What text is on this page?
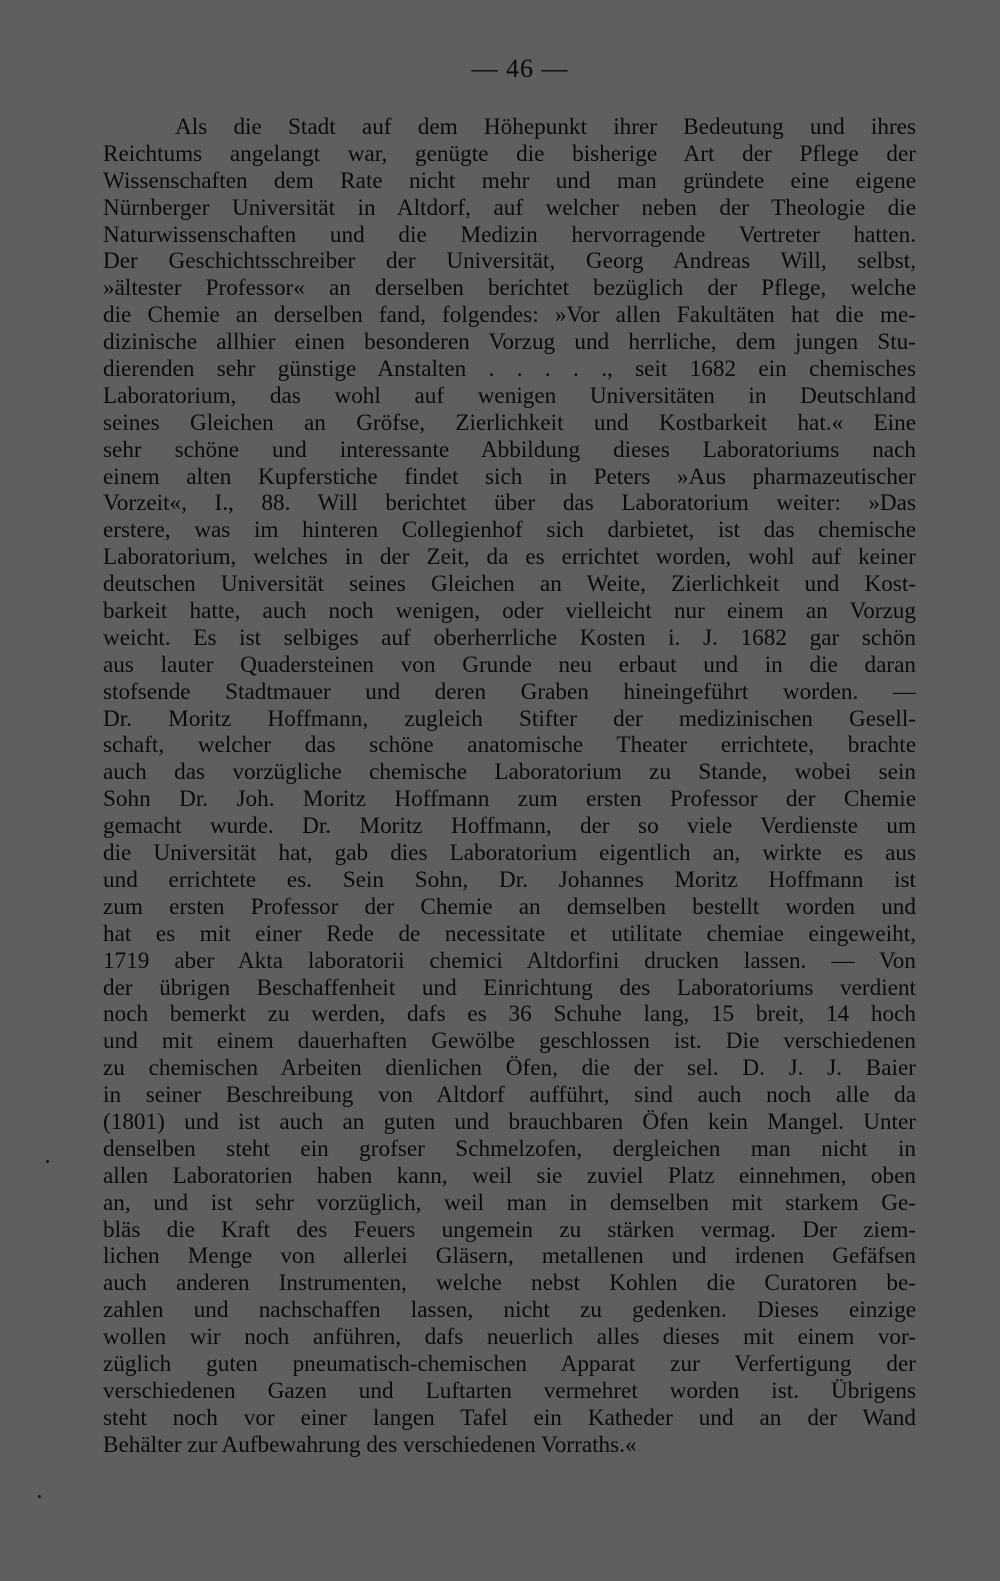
— 46 —
Als die Stadt auf dem Höhepunkt ihrer Bedeutung und ihres
Reichtums angelangt war, genügte die bisherige Art der Pflege der
Wissenschaften dem Rate nicht mehr und man gründete eine eigene
Nürnberger Universität in Altdorf, auf welcher neben der Theologie die
Naturwissenschaften und die Medizin hervorragende Vertreter hatten.
Der Geschichtsschreiber der Universität, Georg Andreas Will, selbst,
»ältester Professor« an derselben berichtet bezüglich der Pflege, welche
die Chemie an derselben fand, folgendes: »Vor allen Fakultäten hat die me-
dizinische allhier einen besonderen Vorzug und herrliche, dem jungen Stu-
dierenden sehr günstige Anstalten . . . . ., seit 1682 ein chemisches
Laboratorium, das wohl auf wenigen Universitäten in Deutschland
seines Gleichen an Gröfse, Zierlichkeit und Kostbarkeit hat.« Eine
sehr schöne und interessante Abbildung dieses Laboratoriums nach
einem alten Kupferstiche findet sich in Peters »Aus pharmazeutischer
Vorzeit«, I., 88. Will berichtet über das Laboratorium weiter: »Das
erstere, was im hinteren Collegienhof sich darbietet, ist das chemische
Laboratorium, welches in der Zeit, da es errichtet worden, wohl auf keiner
deutschen Universität seines Gleichen an Weite, Zierlichkeit und Kost-
barkeit hatte, auch noch wenigen, oder vielleicht nur einem an Vorzug
weicht. Es ist selbiges auf oberherrliche Kosten i. J. 1682 gar schön
aus lauter Quadersteinen von Grunde neu erbaut und in die daran
stofsende Stadtmauer und deren Graben hineingeführt worden. —
Dr. Moritz Hoffmann, zugleich Stifter der medizinischen Gesell-
schaft, welcher das schöne anatomische Theater errichtete, brachte
auch das vorzügliche chemische Laboratorium zu Stande, wobei sein
Sohn Dr. Joh. Moritz Hoffmann zum ersten Professor der Chemie
gemacht wurde. Dr. Moritz Hoffmann, der so viele Verdienste um
die Universität hat, gab dies Laboratorium eigentlich an, wirkte es aus
und errichtete es. Sein Sohn, Dr. Johannes Moritz Hoffmann ist
zum ersten Professor der Chemie an demselben bestellt worden und
hat es mit einer Rede de necessitate et utilitate chemiae eingeweiht,
1719 aber Akta laboratorii chemici Altdorfini drucken lassen. — Von
der übrigen Beschaffenheit und Einrichtung des Laboratoriums verdient
noch bemerkt zu werden, dafs es 36 Schuhe lang, 15 breit, 14 hoch
und mit einem dauerhaften Gewölbe geschlossen ist. Die verschiedenen
zu chemischen Arbeiten dienlichen Öfen, die der sel. D. J. J. Baier
in seiner Beschreibung von Altdorf aufführt, sind auch noch alle da
(1801) und ist auch an guten und brauchbaren Öfen kein Mangel. Unter
denselben steht ein grofser Schmelzofen, dergleichen man nicht in
allen Laboratorien haben kann, weil sie zuviel Platz einnehmen, oben
an, und ist sehr vorzüglich, weil man in demselben mit starkem Ge-
bläs die Kraft des Feuers ungemein zu stärken vermag. Der ziem-
lichen Menge von allerlei Gläsern, metallenen und irdenen Gefäfsen
auch anderen Instrumenten, welche nebst Kohlen die Curatoren be-
zahlen und nachschaffen lassen, nicht zu gedenken. Dieses einzige
wollen wir noch anführen, dafs neuerlich alles dieses mit einem vor-
züglich guten pneumatisch-chemischen Apparat zur Verfertigung der
verschiedenen Gazen und Luftarten vermehret worden ist. Übrigens
steht noch vor einer langen Tafel ein Katheder und an der Wand
Behälter zur Aufbewahrung des verschiedenen Vorraths.«
